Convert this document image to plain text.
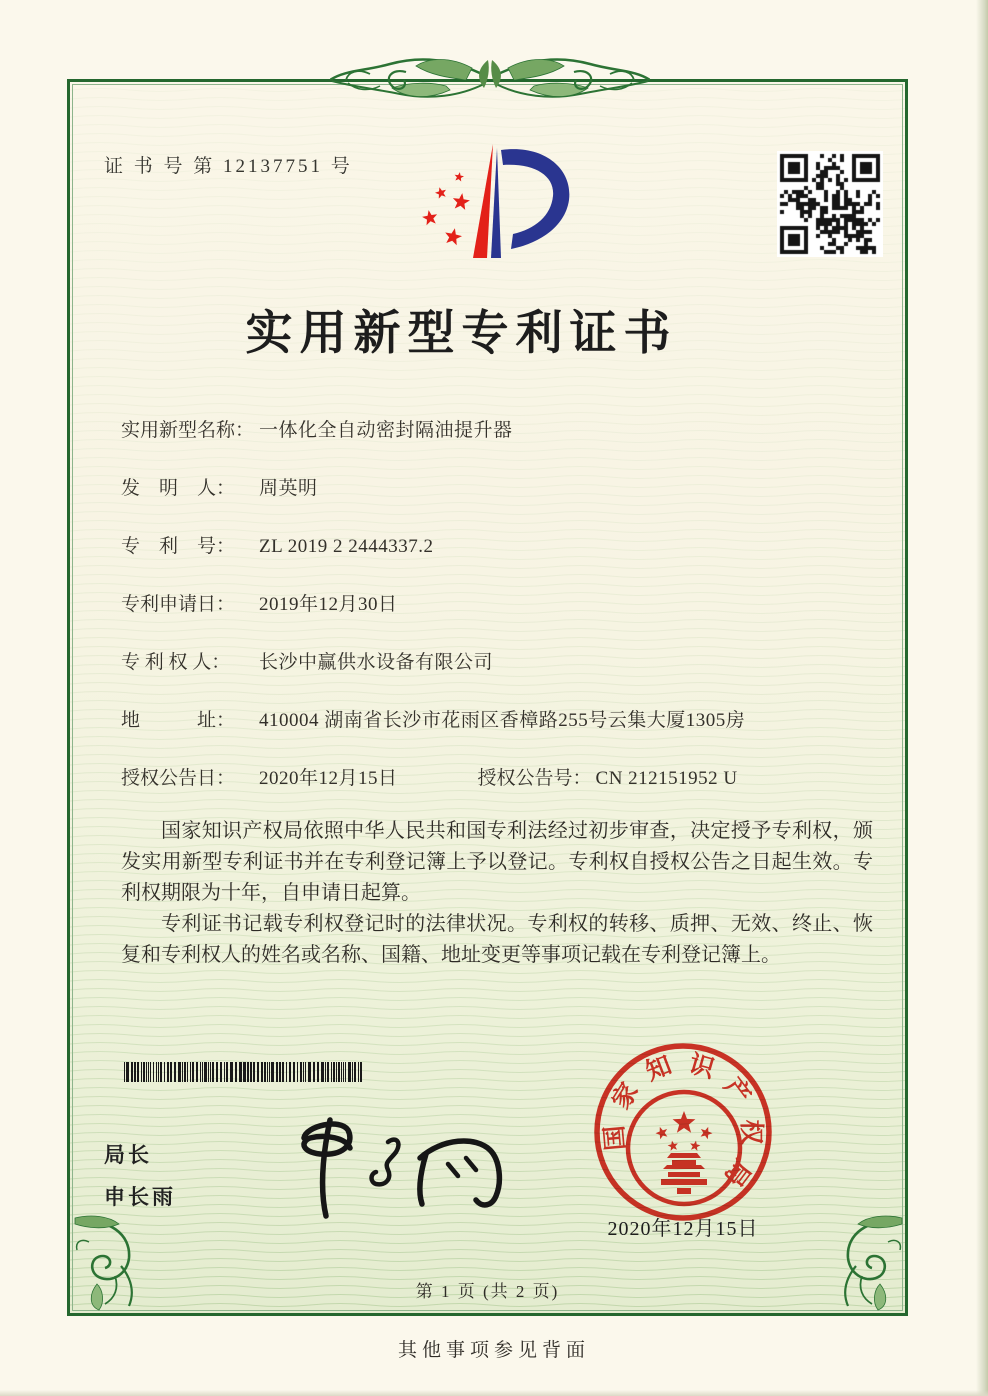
证 书 号 第 12137751 号
实用新型专利证书
实用新型名称： 一体化全自动密封隔油提升器
发　明　人： 周英明
专　利　号： ZL 2019 2 2444337.2
专利申请日： 2019年12月30日
专 利 权 人： 长沙中赢供水设备有限公司
地　　　址： 410004 湖南省长沙市花雨区香樟路255号云集大厦1305房
授权公告日： 2020年12月15日	授权公告号： CN 212151952 U

国家知识产权局依照中华人民共和国专利法经过初步审查，决定授予专利权，颁发实用新型专利证书并在专利登记簿上予以登记。专利权自授权公告之日起生效。专利权期限为十年，自申请日起算。

专利证书记载专利权登记时的法律状况。专利权的转移、质押、无效、终止、恢复和专利权人的姓名或名称、国籍、地址变更等事项记载在专利登记簿上。

局长
申长雨
国
家
知 识
产
权
局
2020年12月15日
第 1 页 (共 2 页)
其他事项参见背面
